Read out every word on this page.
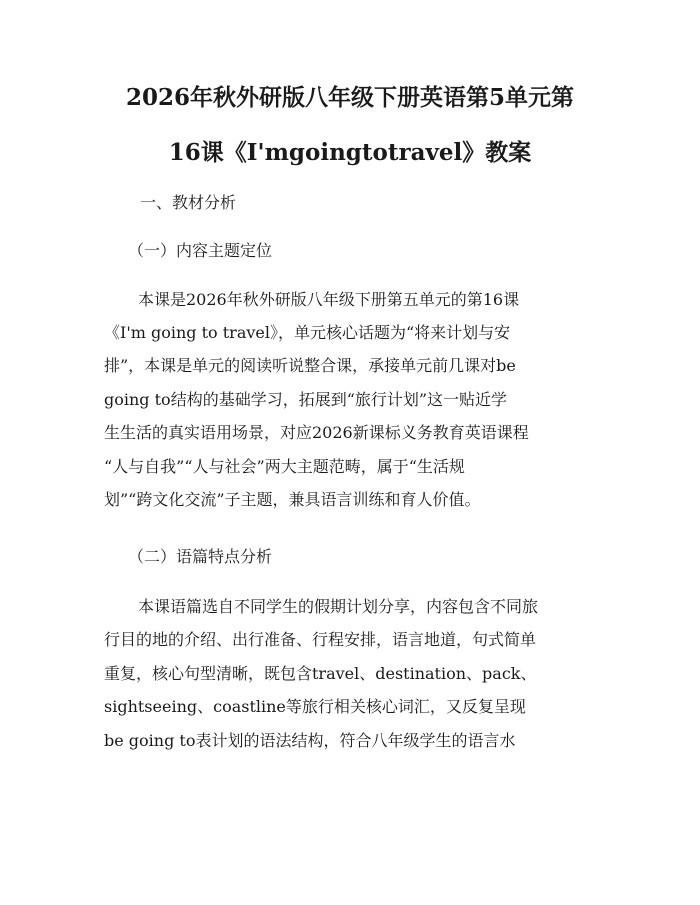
2026年秋外研版八年级下册英语第5单元第
16课《I'mgoingtotravel》教案
一、教材分析
（一）内容主题定位
本课是2026年秋外研版八年级下册第五单元的第16课
《I'm going to travel》，单元核心话题为“将来计划与安
排”，本课是单元的阅读听说整合课，承接单元前几课对be
going to结构的基础学习，拓展到“旅行计划”这一贴近学
生生活的真实语用场景，对应2026新课标义务教育英语课程
“人与自我”“人与社会”两大主题范畴，属于“生活规
划”“跨文化交流”子主题，兼具语言训练和育人价值。
（二）语篇特点分析
本课语篇选自不同学生的假期计划分享，内容包含不同旅
行目的地的介绍、出行准备、行程安排，语言地道，句式简单
重复，核心句型清晰，既包含travel、destination、pack、
sightseeing、coastline等旅行相关核心词汇，又反复呈现
be going to表计划的语法结构，符合八年级学生的语言水
